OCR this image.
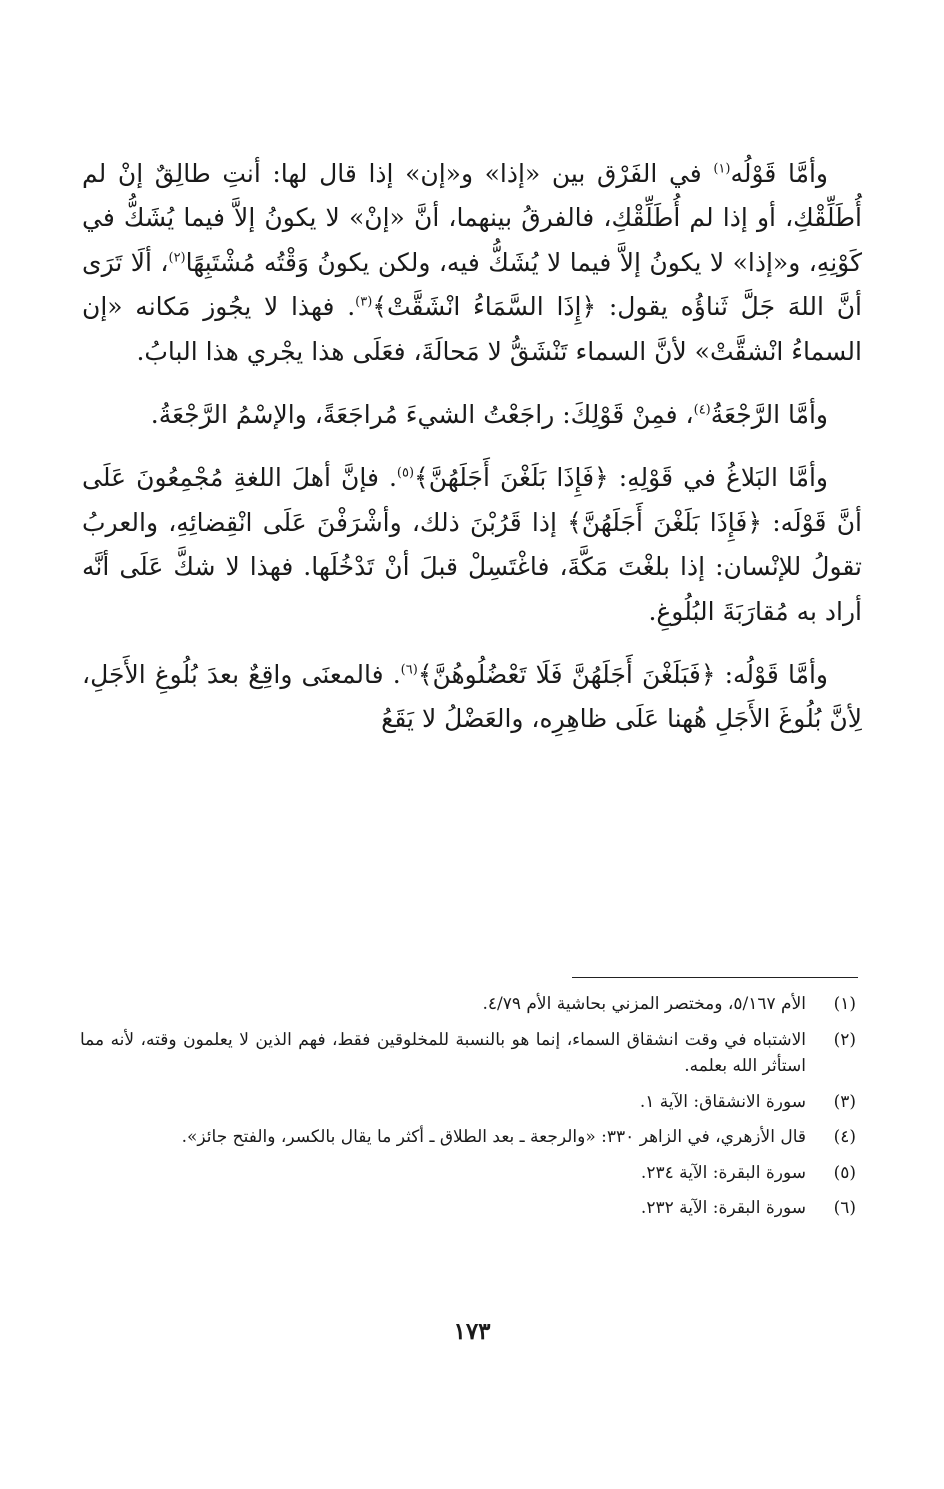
وأمَّا قَوْلُه$^{(١)}$ في الفَرْق بين «إذا» و«إن» إذا قال لها: أنتِ طالِقٌ إنْ لم أُطَلِّقْكِ، أو إذا لم أُطَلِّقْكِ، فالفرقُ بينهما، أنَّ «إنْ» لا يكونُ إلاَّ فيما يُشَكُّ في كَوْنِهِ، و«إذا» لا يكونُ إلاَّ فيما لا يُشَكُّ فيه، ولكن يكونُ وَقْتُه مُشْتَبِهًا$^{(٢)}$، ألَا تَرَى أنَّ اللهَ جَلَّ ثَناؤُه يقول: ﴿إِذَا السَّمَاءُ انْشَقَّتْ﴾$^{(٣)}$. فهذا لا يجُوز مَكانه «إن السماءُ انْشقَّتْ» لأنَّ السماء تَنْشَقُّ لا مَحالَةَ، فعَلَى هذا يجْري هذا البابُ.

وأمَّا الرَّجْعَةُ$^{(٤)}$، فمِنْ قَوْلِكَ: راجَعْتُ الشيءَ مُراجَعَةً، والإسْمُ الرَّجْعَةُ.

وأمَّا البَلاغُ في قَوْلِهِ: ﴿فَإِذَا بَلَغْنَ أَجَلَهُنَّ﴾$^{(٥)}$. فإنَّ أهلَ اللغةِ مُجْمِعُونَ عَلَى أنَّ قَوْلَه: ﴿فَإِذَا بَلَغْنَ أَجَلَهُنَّ﴾ إذا قَرُبْنَ ذلك، وأشْرَفْنَ عَلَى انْقِضائِهِ، والعربُ تقولُ للإنْسان: إذا بلغْتَ مَكَّةَ، فاغْتَسِلْ قبلَ أنْ تَدْخُلَها. فهذا لا شكَّ عَلَى أنَّه أراد به مُقارَبَةَ البُلُوغِ.

وأمَّا قَوْلُه: ﴿فَبَلَغْنَ أَجَلَهُنَّ فَلَا تَعْضُلُوهُنَّ﴾$^{(٦)}$. فالمعنَى واقِعٌ بعدَ بُلُوغِ الأَجَلِ، لِأنَّ بُلُوغَ الأَجَلِ هُهنا عَلَى ظاهِرِه، والعَضْلُ لا يَقَعُ

(١)
الأم ٥/١٦٧، ومختصر المزني بحاشية الأم ٤/٧٩.
(٢)
الاشتباه في وقت انشقاق السماء، إنما هو بالنسبة للمخلوقين فقط، فهم الذين لا يعلمون وقته، لأنه مما استأثر الله بعلمه.
(٣)
سورة الانشقاق: الآية ١.
(٤)
قال الأزهري، في الزاهر ٣٣٠: «والرجعة ـ بعد الطلاق ـ أكثر ما يقال بالكسر، والفتح جائز».
(٥)
سورة البقرة: الآية ٢٣٤.
(٦)
سورة البقرة: الآية ٢٣٢.
١٧٣
